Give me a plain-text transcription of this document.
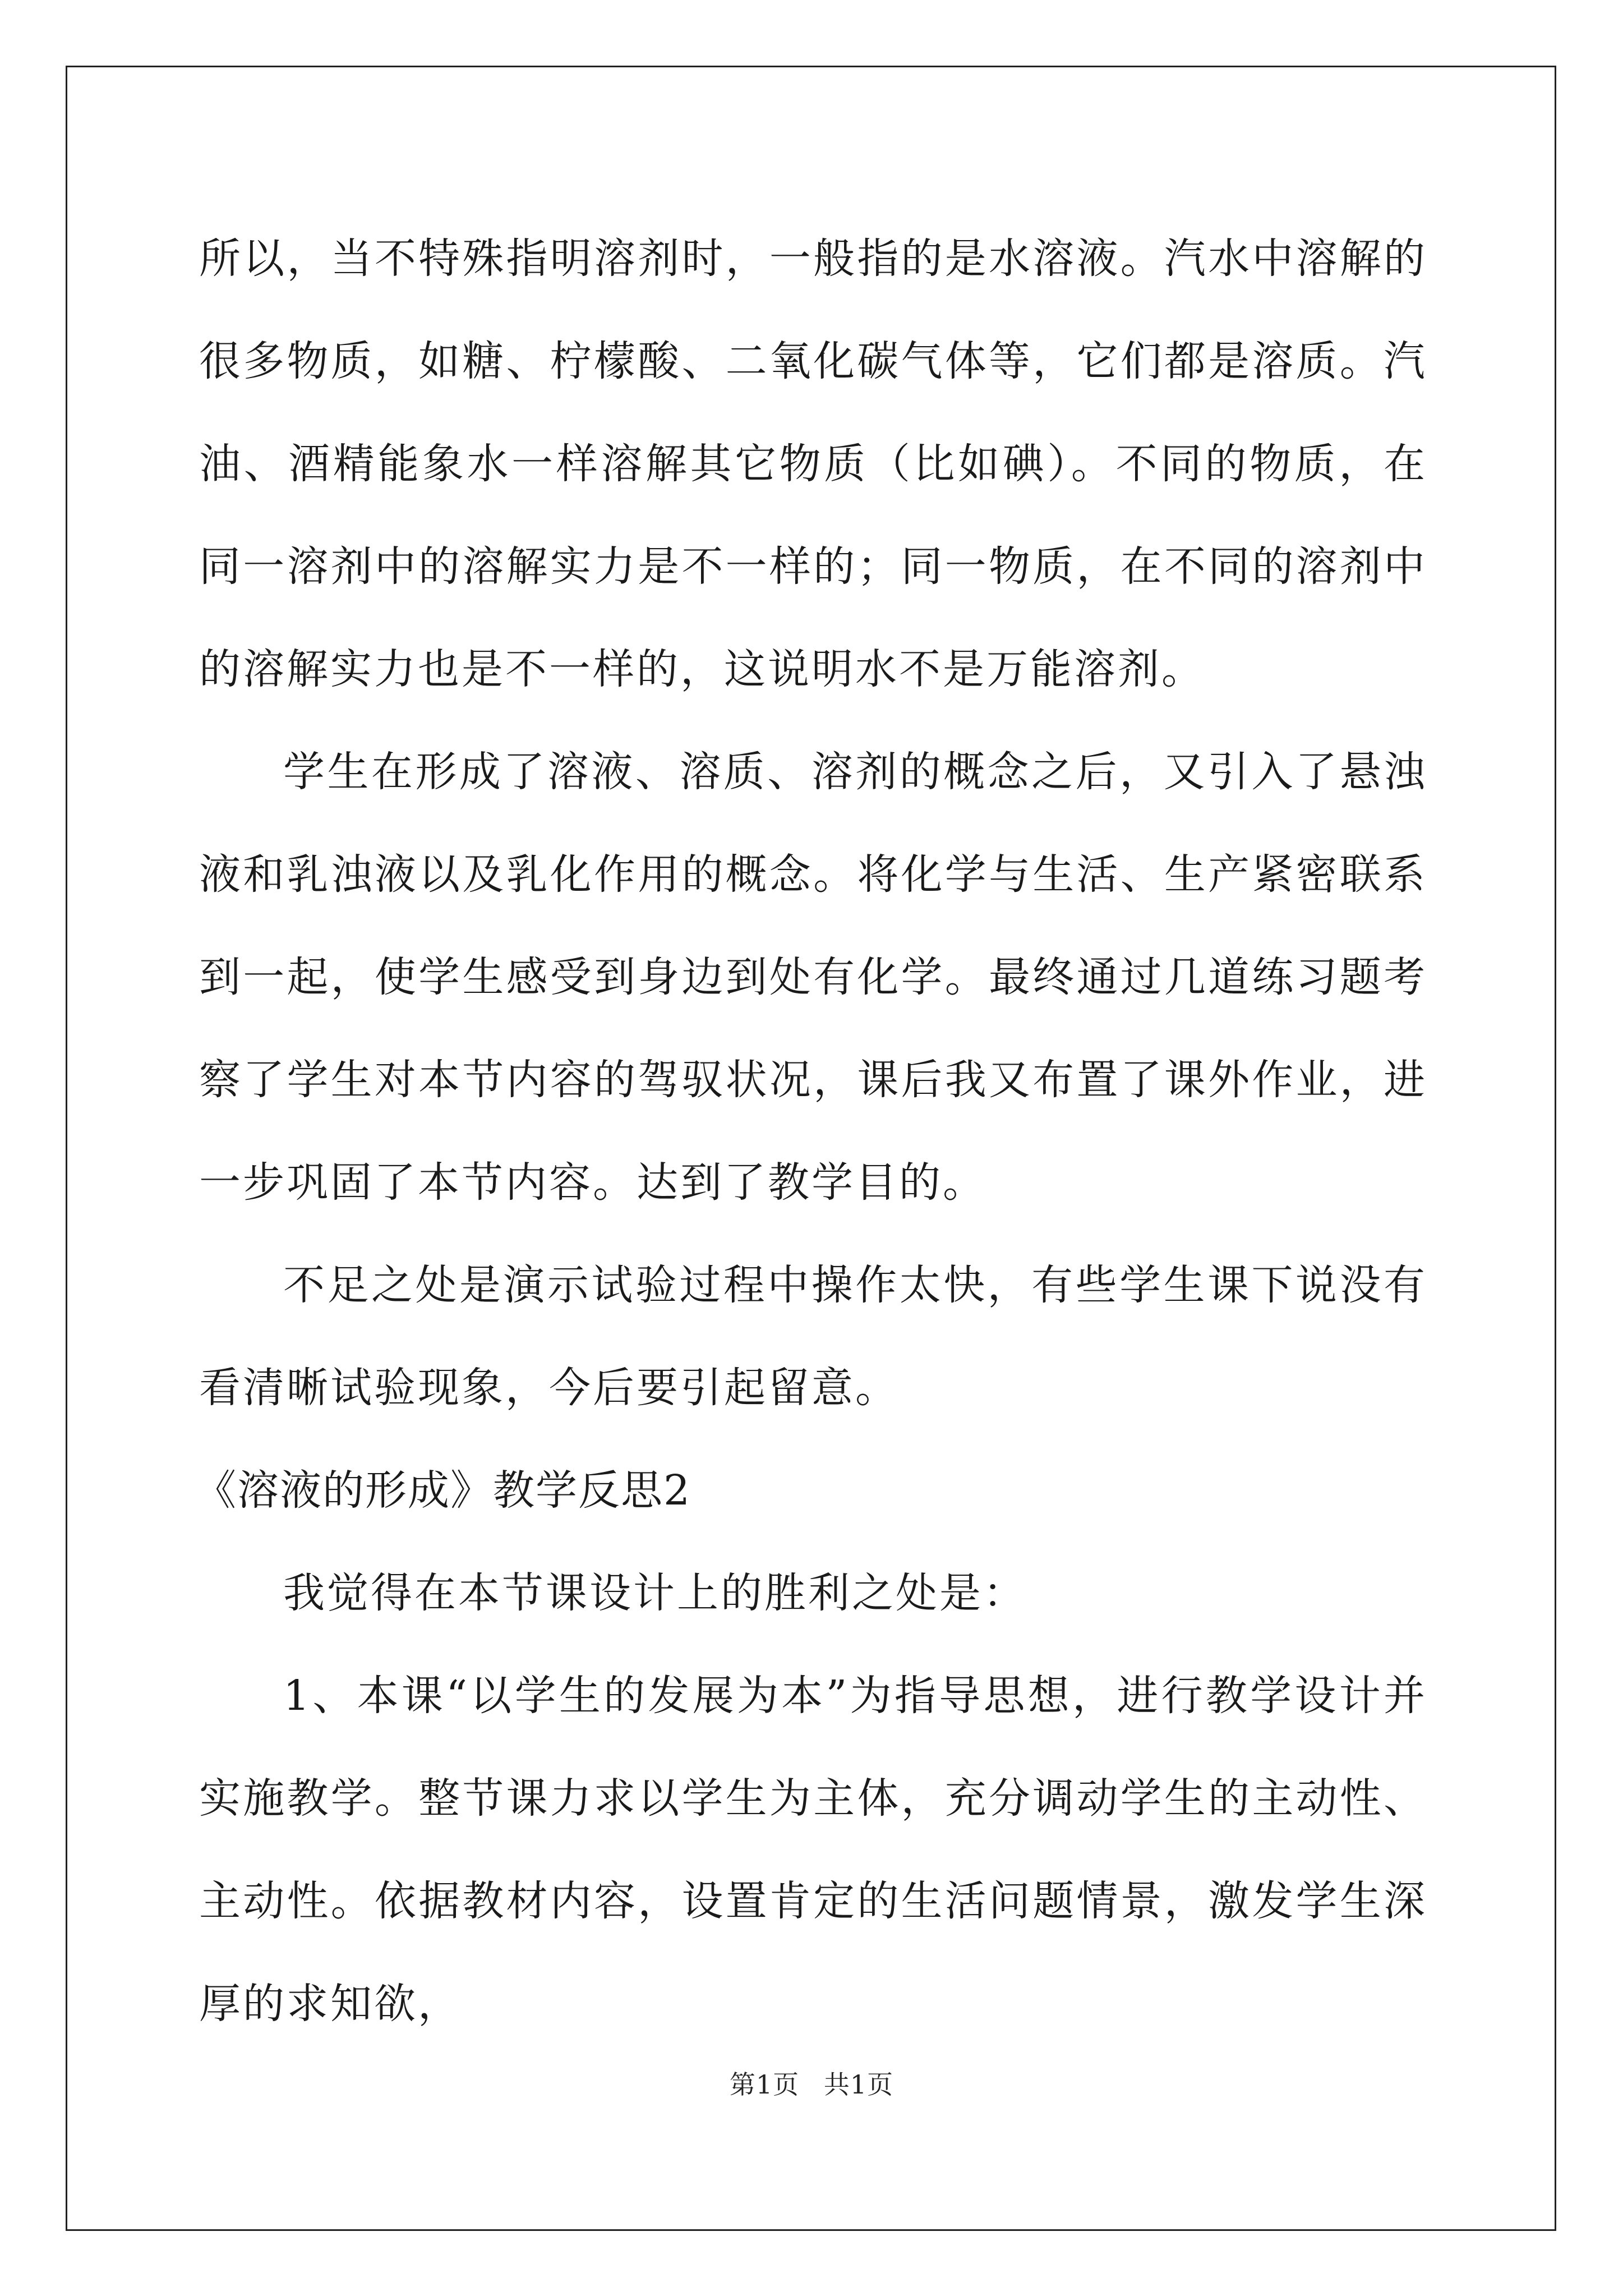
所以，当不特殊指明溶剂时，一般指的是水溶液。汽水中溶解的很多物质，如糖、柠檬酸、二氧化碳气体等，它们都是溶质。汽油、酒精能象水一样溶解其它物质（比如碘）。不同的物质，在同一溶剂中的溶解实力是不一样的；同一物质，在不同的溶剂中的溶解实力也是不一样的，这说明水不是万能溶剂。

学生在形成了溶液、溶质、溶剂的概念之后，又引入了悬浊液和乳浊液以及乳化作用的概念。将化学与生活、生产紧密联系到一起，使学生感受到身边到处有化学。最终通过几道练习题考察了学生对本节内容的驾驭状况，课后我又布置了课外作业，进一步巩固了本节内容。达到了教学目的。

不足之处是演示试验过程中操作太快，有些学生课下说没有看清晰试验现象，今后要引起留意。

《溶液的形成》教学反思2

我觉得在本节课设计上的胜利之处是：

1、本课“以学生的发展为本”为指导思想，进行教学设计并实施教学。整节课力求以学生为主体，充分调动学生的主动性、主动性。依据教材内容，设置肯定的生活问题情景，激发学生深厚的求知欲，

第1页 共1页
